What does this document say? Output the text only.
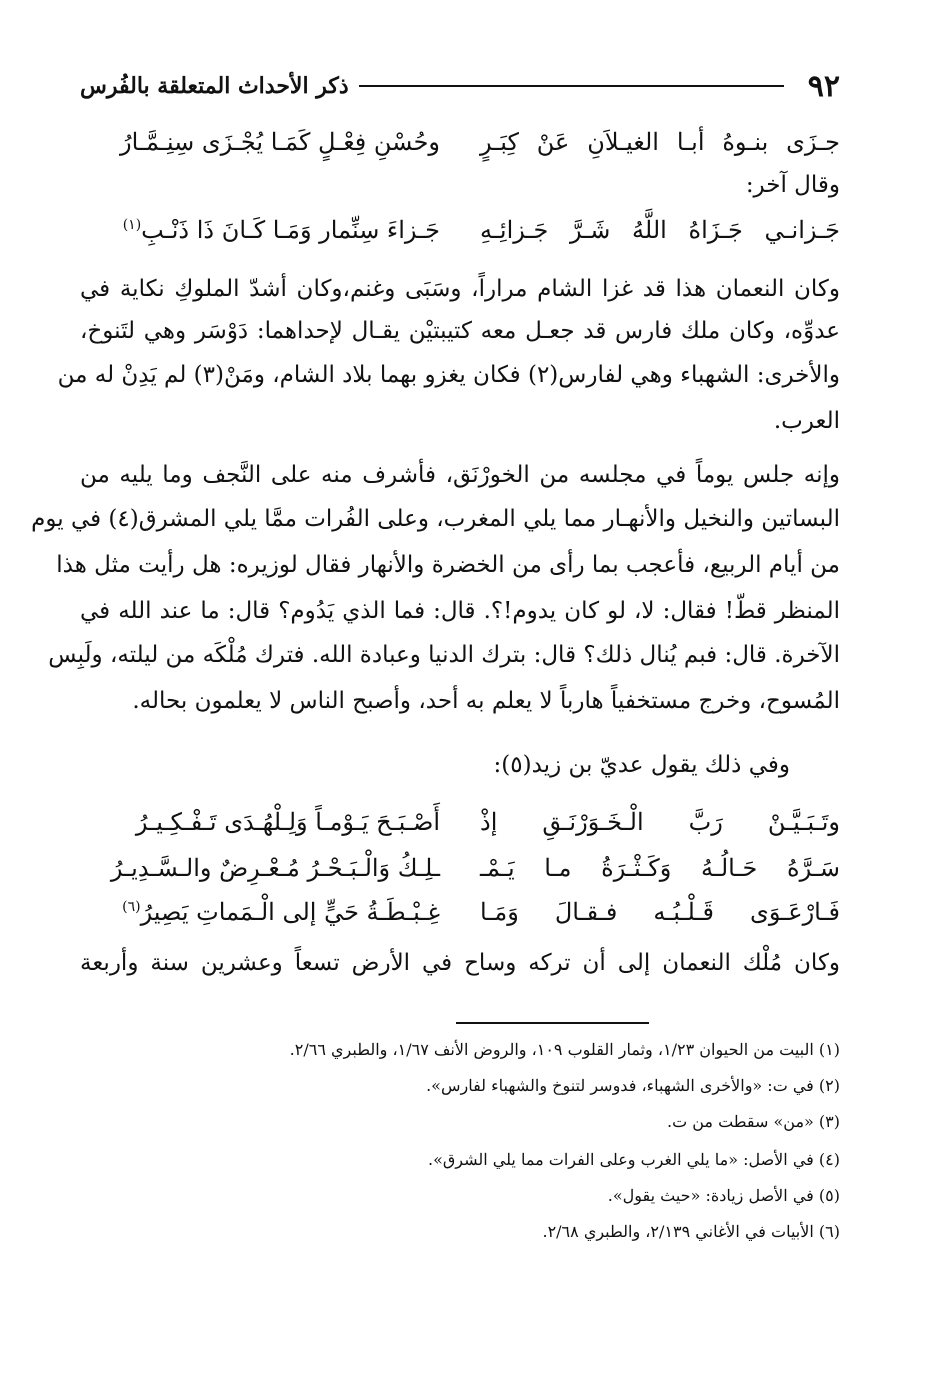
٩٢
ذكر الأحداث المتعلقة بالفُرس
جـزَى بنـوهُ أبـا الغيـلاَنِ عَنْ كِبَـرٍ
وحُسْنِ فِعْـلٍ كَمَـا يُجْـزَى سِنِـمَّـارُ
وقال آخر:
جَـزانـي جَـزَاهُ اللَّهُ شَـرَّ جَـزائِـهِ
جَـزاءَ سِنِّمار وَمَـا كَـانَ ذَا ذَنْـبِ$^{(١)}$
وكان النعمان هذا قد غزا الشام مراراً، وسَبَى وغنم،وكان أشدّ الملوكِ نكاية في
عدوِّه، وكان ملك فارس قد جعـل معه كتيبتيْن يقـال لإحداهما: دَوْسَر وهي لتَنوخ،
والأخرى: الشهباء وهي لفارس(٢) فكان يغزو بهما بلاد الشام، ومَنْ(٣) لم يَدِنْ له من
العرب.
وإنه جلس يوماً في مجلسه من الخورْنَق، فأشرف منه على النَّجف وما يليه من
البساتين والنخيل والأنهـار مما يلي المغرب، وعلى الفُرات ممَّا يلي المشرق(٤) في يوم
من أيام الربيع، فأعجب بما رأى من الخضرة والأنهار فقال لوزيره: هل رأيت مثل هذا
المنظر قطّ! فقال: لا، لو كان يدوم!؟. قال: فما الذي يَدُوم؟ قال: ما عند الله في
الآخرة. قال: فبم يُنال ذلك؟ قال: بترك الدنيا وعبادة الله. فترك مُلْكَه من ليلته، ولَبِس
المُسوح، وخرج مستخفياً هارباً لا يعلم به أحد، وأصبح الناس لا يعلمون بحاله.
وفي ذلك يقول عديّ بن زيد(٥):
وتَـبَـيَّـنْ رَبَّ الْـخَـوَرْنَـقِ إذْ
أَصْـبَـحَ يَـوْمـاً وَلِـلْهُـدَى تَـفْـكِـيـرُ
سَـرَّهُ حَـالُـهُ وَكَـثْـرَةُ مـا يَـمْـ
ـلِـكُ وَالْـبَـحْـرُ مُـعْـرِضٌ والـسَّـدِيـرُ
فَـارْعَـوَى قَـلْـبُـه فـقـالَ وَمَـا
غِـبْـطَـةُ حَيٍّ إلى الْـمَماتِ يَصِيرُ$^{(٦)}$
وكان مُلْك النعمان إلى أن تركه وساح في الأرض تسعاً وعشرين سنة وأربعة
(١) البيت من الحيوان ١/٢٣، وثمار القلوب ١٠٩، والروض الأنف ١/٦٧، والطبري ٢/٦٦.
(٢) في ت: «والأخرى الشهباء، فدوسر لتنوخ والشهباء لفارس».
(٣) «من» سقطت من ت.
(٤) في الأصل: «ما يلي الغرب وعلى الفرات مما يلي الشرق».
(٥) في الأصل زيادة: «حيث يقول».
(٦) الأبيات في الأغاني ٢/١٣٩، والطبري ٢/٦٨.
